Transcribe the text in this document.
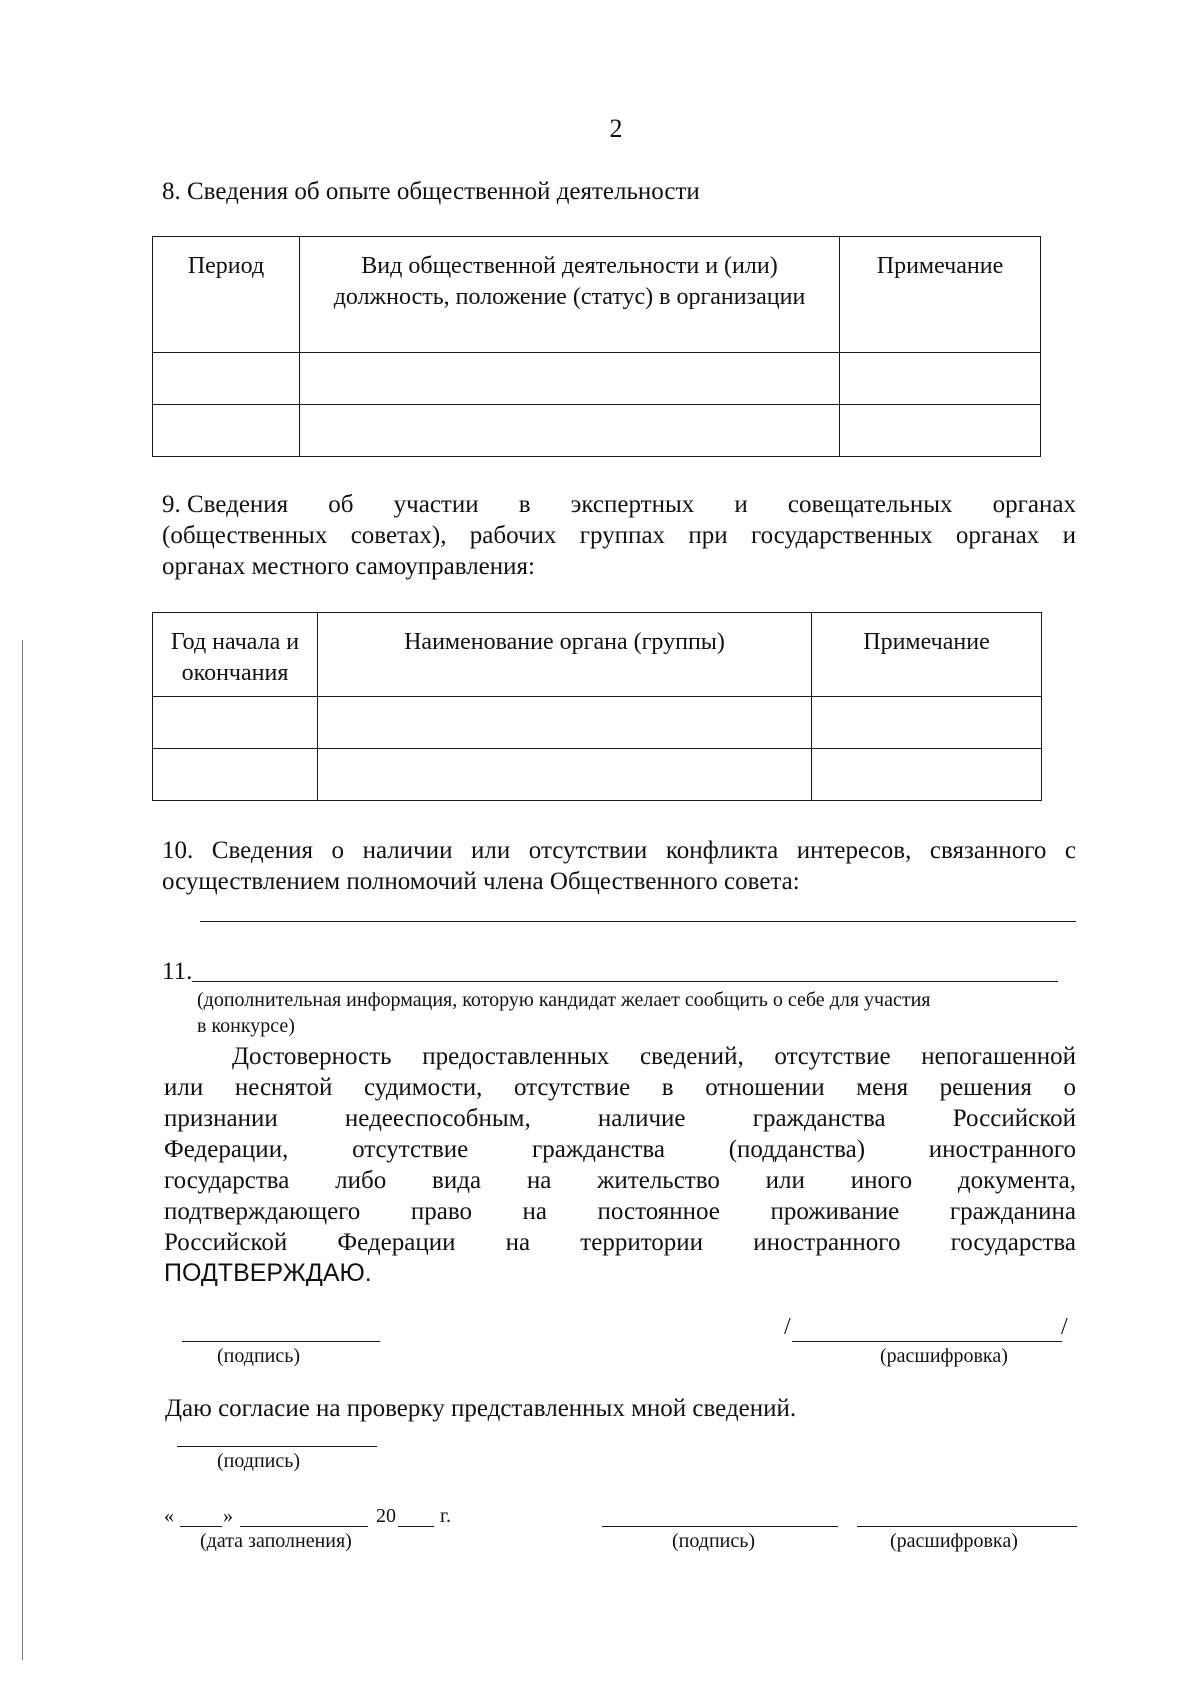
2
8. Сведения об опыте общественной деятельности
Период	Вид общественной деятельности и (или) должность, положение (статус) в организации	Примечание

9. Сведения об участии в экспертных и совещательных органах
(общественных советах), рабочих группах при государственных органах и
органах местного самоуправления:
Год начала и окончания	Наименование органа (группы)	Примечание

10. Сведения о наличии или отсутствии конфликта интересов, связанного с
осуществлением полномочий члена Общественного совета:
11.
(дополнительная информация, которую кандидат желает сообщить о себе для участия
в конкурсе)
Достоверность предоставленных сведений, отсутствие непогашенной
или неснятой судимости, отсутствие в отношении меня решения о
признании недееспособным, наличие гражданства Российской
Федерации, отсутствие гражданства (подданства) иностранного
государства либо вида на жительство или иного документа,
подтверждающего право на постоянное проживание гражданина
Российской Федерации на территории иностранного государства
ПОДТВЕРЖДАЮ.
(подпись)
/	/
(расшифровка)
Даю согласие на проверку представленных мной сведений.
(подпись)
« »	20 г.
(дата заполнения)	(подпись)	(расшифровка)
